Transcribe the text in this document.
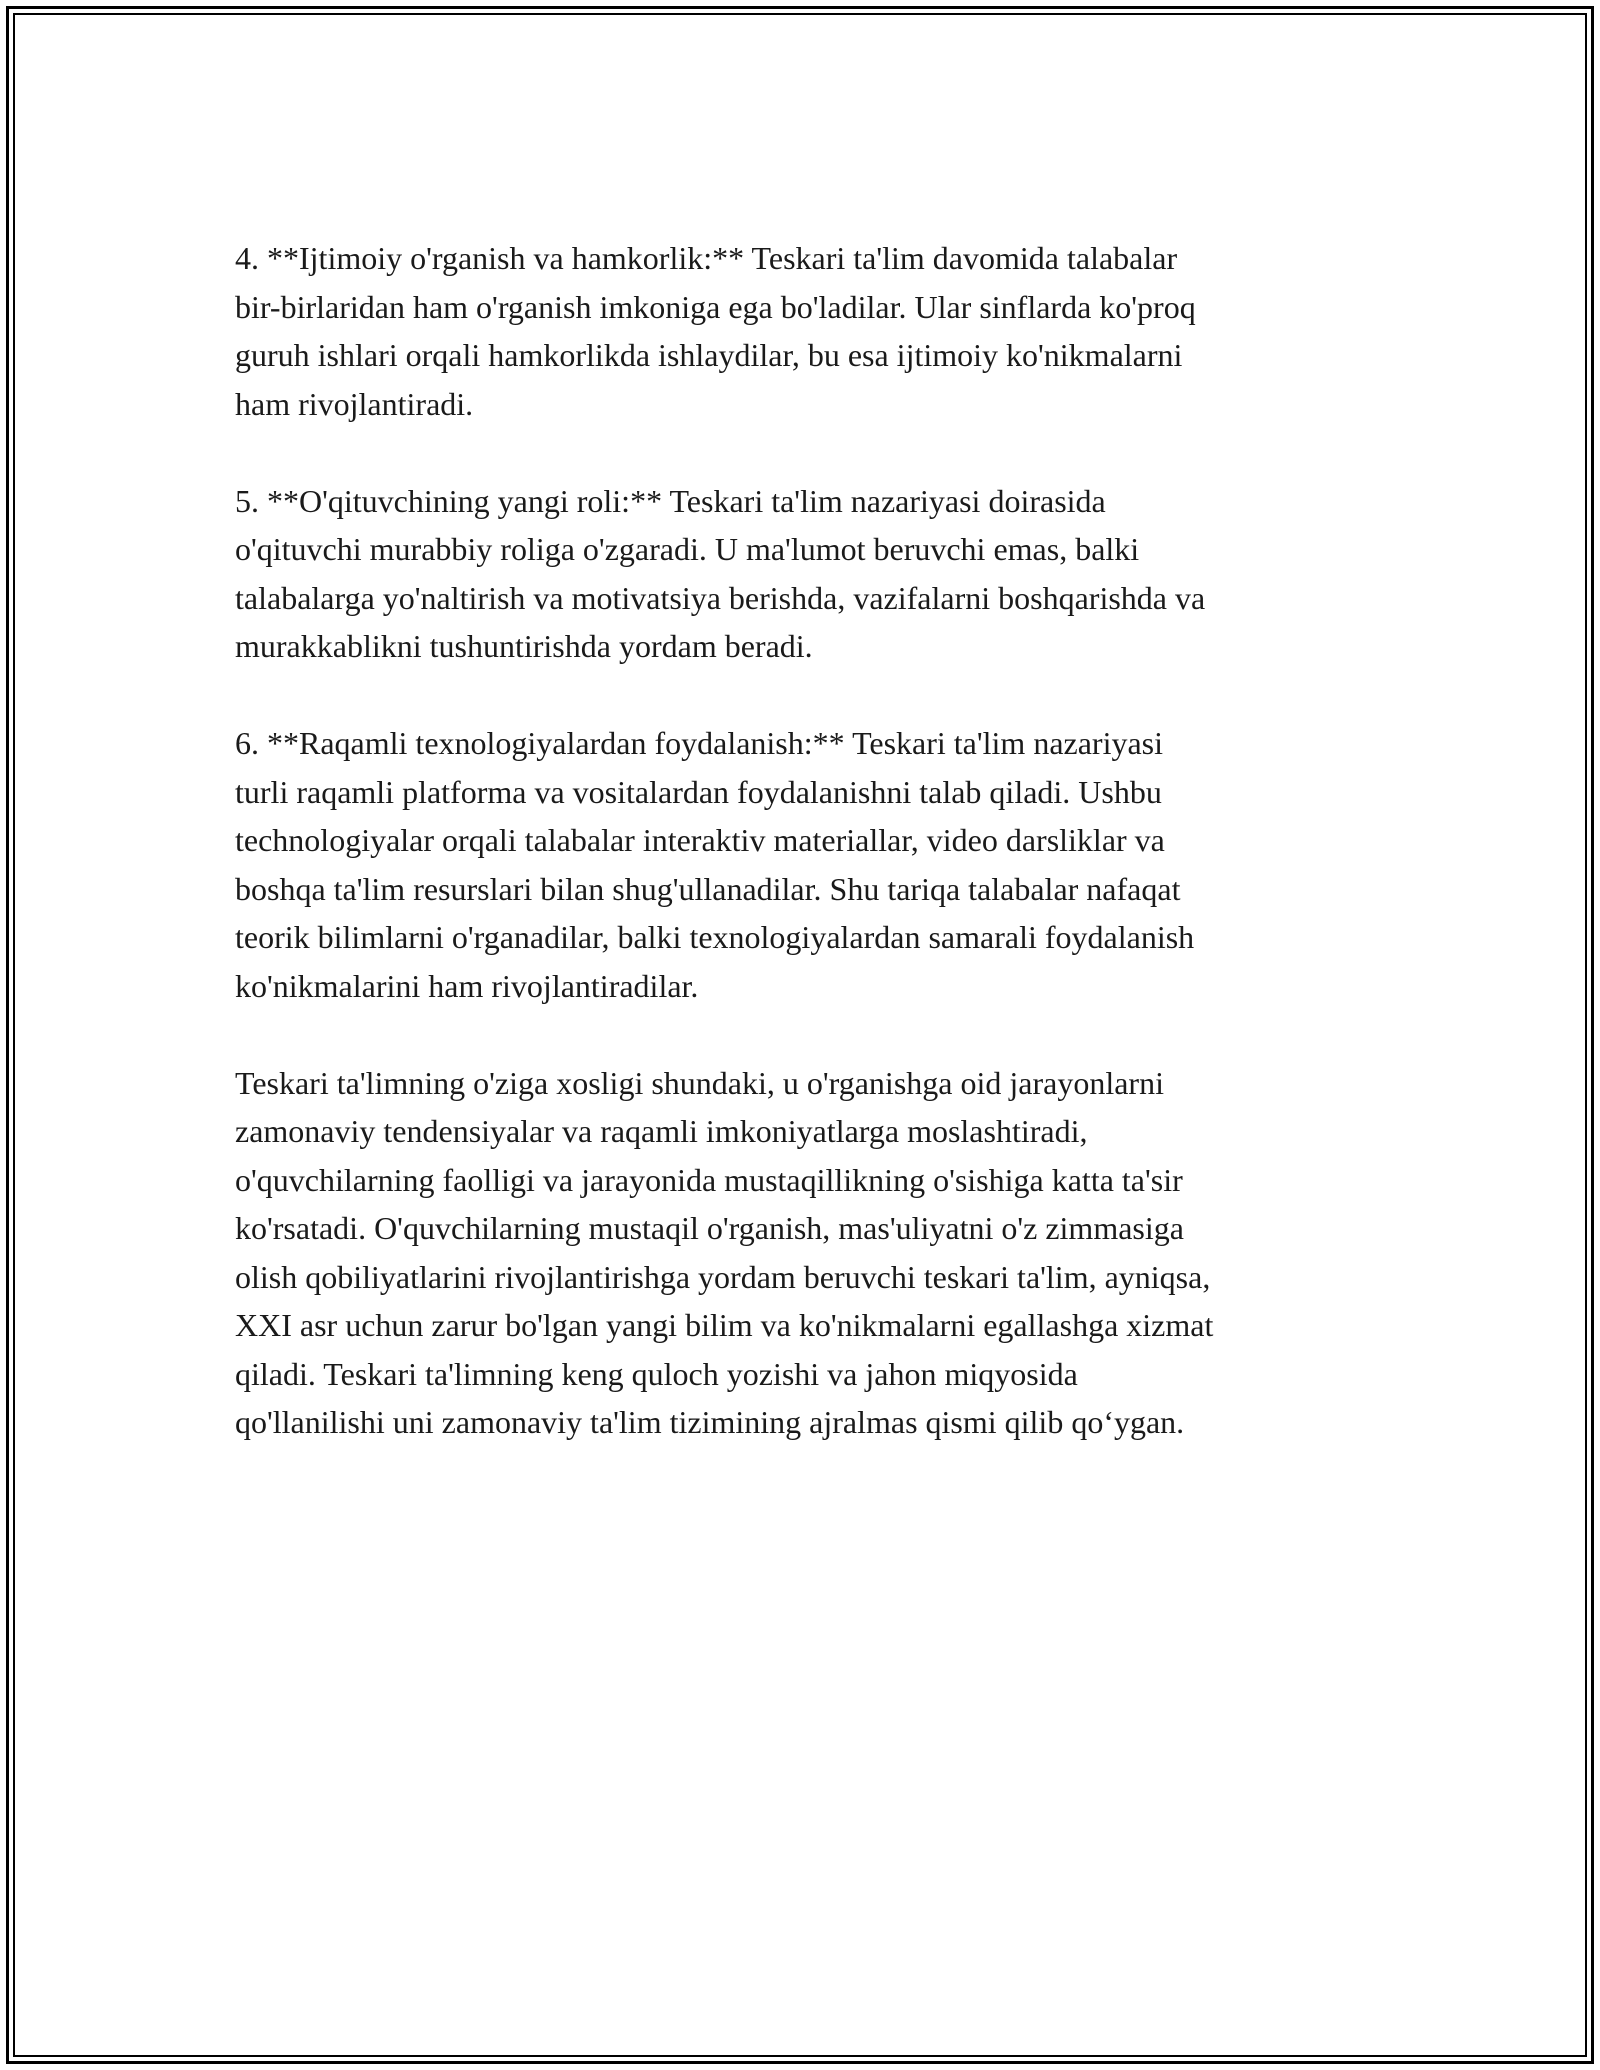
4. **Ijtimoiy o'rganish va hamkorlik:** Teskari ta'lim davomida talabalar
bir-birlaridan ham o'rganish imkoniga ega bo'ladilar. Ular sinflarda ko'proq
guruh ishlari orqali hamkorlikda ishlaydilar, bu esa ijtimoiy ko'nikmalarni
ham rivojlantiradi.

5. **O'qituvchining yangi roli:** Teskari ta'lim nazariyasi doirasida
o'qituvchi murabbiy roliga o'zgaradi. U ma'lumot beruvchi emas, balki
talabalarga yo'naltirish va motivatsiya berishda, vazifalarni boshqarishda va
murakkablikni tushuntirishda yordam beradi.

6. **Raqamli texnologiyalardan foydalanish:** Teskari ta'lim nazariyasi
turli raqamli platforma va vositalardan foydalanishni talab qiladi. Ushbu
technologiyalar orqali talabalar interaktiv materiallar, video darsliklar va
boshqa ta'lim resurslari bilan shug'ullanadilar. Shu tariqa talabalar nafaqat
teorik bilimlarni o'rganadilar, balki texnologiyalardan samarali foydalanish
ko'nikmalarini ham rivojlantiradilar.

Teskari ta'limning o'ziga xosligi shundaki, u o'rganishga oid jarayonlarni
zamonaviy tendensiyalar va raqamli imkoniyatlarga moslashtiradi,
o'quvchilarning faolligi va jarayonida mustaqillikning o'sishiga katta ta'sir
ko'rsatadi. O'quvchilarning mustaqil o'rganish, mas'uliyatni o'z zimmasiga
olish qobiliyatlarini rivojlantirishga yordam beruvchi teskari ta'lim, ayniqsa,
XXI asr uchun zarur bo'lgan yangi bilim va ko'nikmalarni egallashga xizmat
qiladi. Teskari ta'limning keng quloch yozishi va jahon miqyosida
qo'llanilishi uni zamonaviy ta'lim tizimining ajralmas qismi qilib qo‘ygan.
